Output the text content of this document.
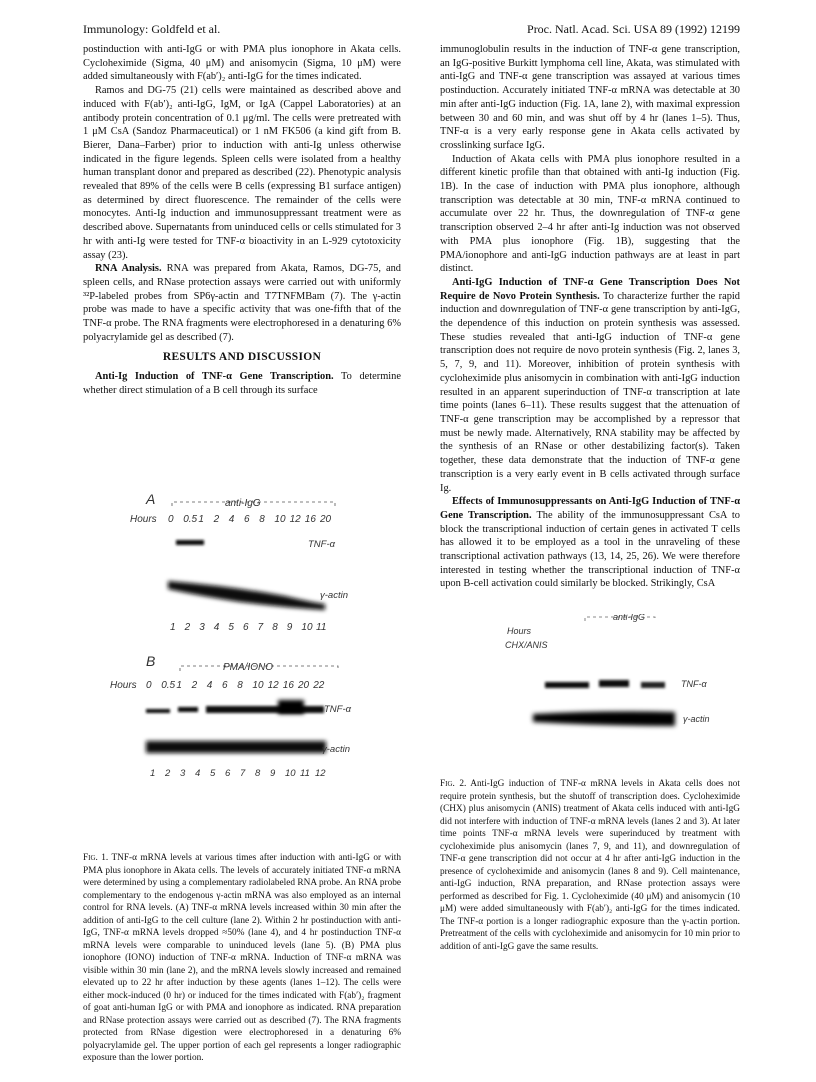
Immunology: Goldfeld et al.	Proc. Natl. Acad. Sci. USA 89 (1992) 12199

postinduction with anti-IgG or with PMA plus ionophore in Akata cells. Cycloheximide (Sigma, 40 μM) and anisomycin (Sigma, 10 μM) were added simultaneously with F(ab′)₂ anti-IgG for the times indicated.

Ramos and DG-75 (21) cells were maintained as described above and induced with F(ab′)₂ anti-IgG, IgM, or IgA (Cappel Laboratories) at an antibody protein concentration of 0.1 μg/ml. The cells were pretreated with 1 μM CsA (Sandoz Pharmaceutical) or 1 nM FK506 (a kind gift from B. Bierer, Dana–Farber) prior to induction with anti-Ig unless otherwise indicated in the figure legends. Spleen cells were isolated from a healthy human transplant donor and prepared as described (22). Phenotypic analysis revealed that 89% of the cells were B cells (expressing B1 surface antigen) as determined by direct fluorescence. The remainder of the cells were monocytes. Anti-Ig induction and immunosuppressant treatment were as described above. Supernatants from uninduced cells or cells stimulated for 3 hr with anti-Ig were tested for TNF-α bioactivity in an L-929 cytotoxicity assay (23).

RNA Analysis. RNA was prepared from Akata, Ramos, DG-75, and spleen cells, and RNase protection assays were carried out with uniformly ³²P-labeled probes from SP6γ-actin and T7TNFMBam (7). The γ-actin probe was made to have a specific activity that was one-fifth that of the TNF-α probe. The RNA fragments were electrophoresed in a denaturing 6% polyacrylamide gel as described (7).

RESULTS AND DISCUSSION

Anti-Ig Induction of TNF-α Gene Transcription. To determine whether direct stimulation of a B cell through its surface

immunoglobulin results in the induction of TNF-α gene transcription, an IgG-positive Burkitt lymphoma cell line, Akata, was stimulated with anti-IgG and TNF-α gene transcription was assayed at various times postinduction. Accurately initiated TNF-α mRNA was detectable at 30 min after anti-IgG induction (Fig. 1A, lane 2), with maximal expression between 30 and 60 min, and was shut off by 4 hr (lanes 1–5). Thus, TNF-α is a very early response gene in Akata cells activated by crosslinking surface IgG.

Induction of Akata cells with PMA plus ionophore resulted in a different kinetic profile than that obtained with anti-Ig induction (Fig. 1B). In the case of induction with PMA plus ionophore, although transcription was detectable at 30 min, TNF-α mRNA continued to accumulate over 22 hr. Thus, the downregulation of TNF-α gene transcription observed 2–4 hr after anti-Ig induction was not observed with PMA plus ionophore (Fig. 1B), suggesting that the PMA/ionophore and anti-IgG induction pathways are at least in part distinct.

Anti-IgG Induction of TNF-α Gene Transcription Does Not Require de Novo Protein Synthesis. To characterize further the rapid induction and downregulation of TNF-α gene transcription by anti-IgG, the dependence of this induction on protein synthesis was assessed. These studies revealed that anti-IgG induction of TNF-α gene transcription does not require de novo protein synthesis (Fig. 2, lanes 3, 5, 7, 9, and 11). Moreover, inhibition of protein synthesis with cycloheximide plus anisomycin in combination with anti-IgG induction resulted in an apparent superinduction of TNF-α transcription at late time points (lanes 6–11). These results suggest that the attenuation of TNF-α gene transcription may be accomplished by a repressor that must be newly made. Alternatively, RNA stability may be affected by the synthesis of an RNase or other destabilizing factor(s). Taken together, these data demonstrate that the induction of TNF-α gene transcription is a very early event in B cells activated through surface Ig.

Effects of Immunosuppressants on Anti-IgG Induction of TNF-α Gene Transcription. The ability of the immunosuppressant CsA to block the transcriptional induction of certain genes in activated T cells has allowed it to be employed as a tool in the unraveling of these transcriptional activation pathways (13, 14, 25, 26). We were therefore interested in testing whether the transcriptional induction of TNF-α upon B-cell activation could similarly be blocked. Strikingly, CsA

A	anti-IgG
Hours 0 0.5 1 2 4 6 8 10 12 16 20
TNF-α
γ-actin
1 2 3 4 5 6 7 8 9 10 11
B	PMA/IONO
Hours 0 0.5 1 2 4 6 8 10 12 16 20 22
TNF-α
γ-actin
1 2 3 4 5 6 7 8 9 10 11 12
anti-IgG
Hours
CHX/ANIS
TNF-α
γ-actin
Fig. 1. TNF-α mRNA levels at various times after induction with anti-IgG or with PMA plus ionophore in Akata cells. The levels of accurately initiated TNF-α mRNA were determined by using a complementary radiolabeled RNA probe. An RNA probe complementary to the endogenous γ-actin mRNA was also employed as an internal control for RNA levels. (A) TNF-α mRNA levels increased within 30 min after the addition of anti-IgG to the cell culture (lane 2). Within 2 hr postinduction with anti-IgG, TNF-α mRNA levels dropped ≈50% (lane 4), and 4 hr postinduction TNF-α mRNA levels were comparable to uninduced levels (lane 5). (B) PMA plus ionophore (IONO) induction of TNF-α mRNA. Induction of TNF-α mRNA was visible within 30 min (lane 2), and the mRNA levels slowly increased and remained elevated up to 22 hr after induction by these agents (lanes 1–12). The cells were either mock-induced (0 hr) or induced for the times indicated with F(ab′)₂ fragment of goat anti-human IgG or with PMA and ionophore as indicated. RNA preparation and RNase protection assays were carried out as described (7). The RNA fragments protected from RNase digestion were electrophoresed in a denaturing 6% polyacrylamide gel. The upper portion of each gel represents a longer radiographic exposure than the lower portion.
Fig. 2. Anti-IgG induction of TNF-α mRNA levels in Akata cells does not require protein synthesis, but the shutoff of transcription does. Cycloheximide (CHX) plus anisomycin (ANIS) treatment of Akata cells induced with anti-IgG did not interfere with induction of TNF-α mRNA levels (lanes 2 and 3). At later time points TNF-α mRNA levels were superinduced by treatment with cycloheximide plus anisomycin (lanes 7, 9, and 11), and downregulation of TNF-α gene transcription did not occur at 4 hr after anti-IgG induction in the presence of cycloheximide and anisomycin (lanes 8 and 9). Cell maintenance, anti-IgG induction, RNA preparation, and RNase protection assays were performed as described for Fig. 1. Cycloheximide (40 μM) and anisomycin (10 μM) were added simultaneously with F(ab′)₂ anti-IgG for the times indicated. The TNF-α portion is a longer radiographic exposure than the γ-actin portion. Pretreatment of the cells with cycloheximide and anisomycin for 10 min prior to addition of anti-IgG gave the same results.
